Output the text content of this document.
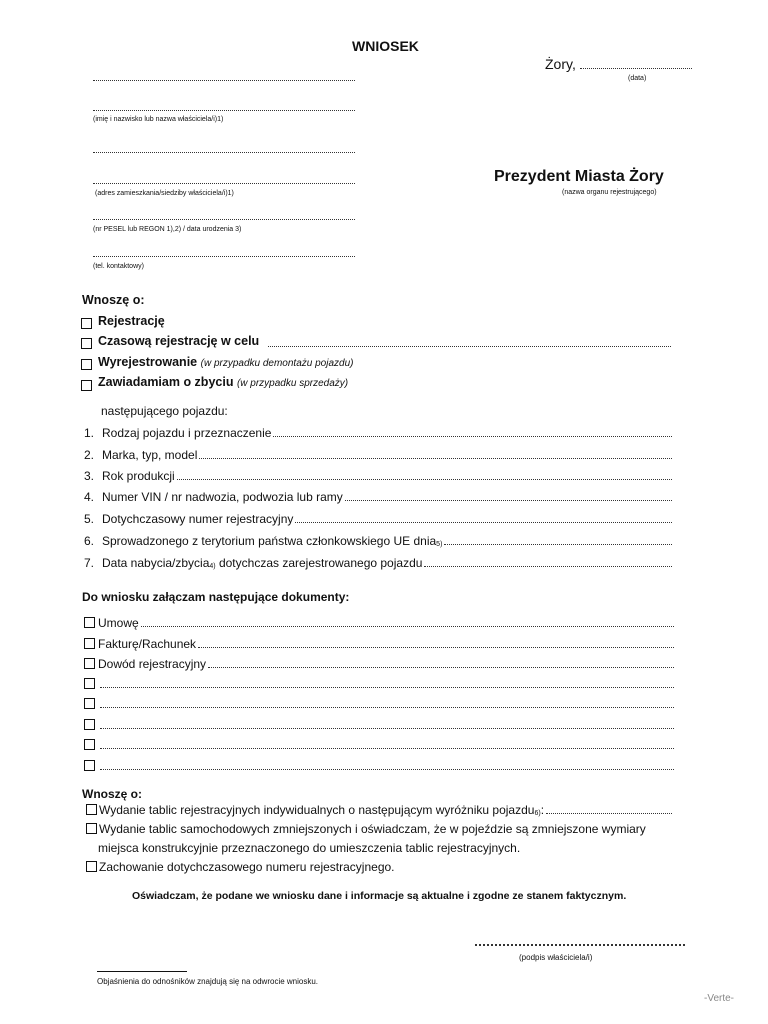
WNIOSEK
Żory,
(data)
(imię i nazwisko lub nazwa właściciela/i)1)
(adres zamieszkania/siedziby właściciela/i)1)
(nr PESEL lub REGON 1),2) / data urodzenia 3)
(tel. kontaktowy)
Prezydent Miasta Żory
(nazwa organu rejestrującego)
Wnoszę o:
Rejestrację
Czasową rejestrację w celu
Wyrejestrowanie (w przypadku demontażu pojazdu)
Zawiadamiam o zbyciu (w przypadku sprzedaży)
następującego pojazdu:
1. Rodzaj pojazdu i przeznaczenie
2. Marka, typ, model
3. Rok produkcji
4. Numer VIN / nr nadwozia, podwozia lub ramy
5. Dotychczasowy numer rejestracyjny
6. Sprowadzonego z terytorium państwa członkowskiego UE dnia$_{5)}$
7. Data nabycia/zbycia$_{4)}$ dotychczas zarejestrowanego pojazdu
Do wniosku załączam następujące dokumenty:
Umowę
Fakturę/Rachunek
Dowód rejestracyjny
Wnoszę o:
Wydanie tablic rejestracyjnych indywidualnych o następującym wyróżniku pojazdu$_{6)}$ :
Wydanie tablic samochodowych zmniejszonych i oświadczam, że w pojeździe są zmniejszone wymiary
miejsca konstrukcyjnie przeznaczonego do umieszczenia tablic rejestracyjnych.
Zachowanie dotychczasowego numeru rejestracyjnego.
Oświadczam, że podane we wniosku dane i informacje są aktualne i zgodne ze stanem faktycznym.
(podpis właściciela/i)
Objaśnienia do odnośników znajdują się na odwrocie wniosku.
-Verte-
